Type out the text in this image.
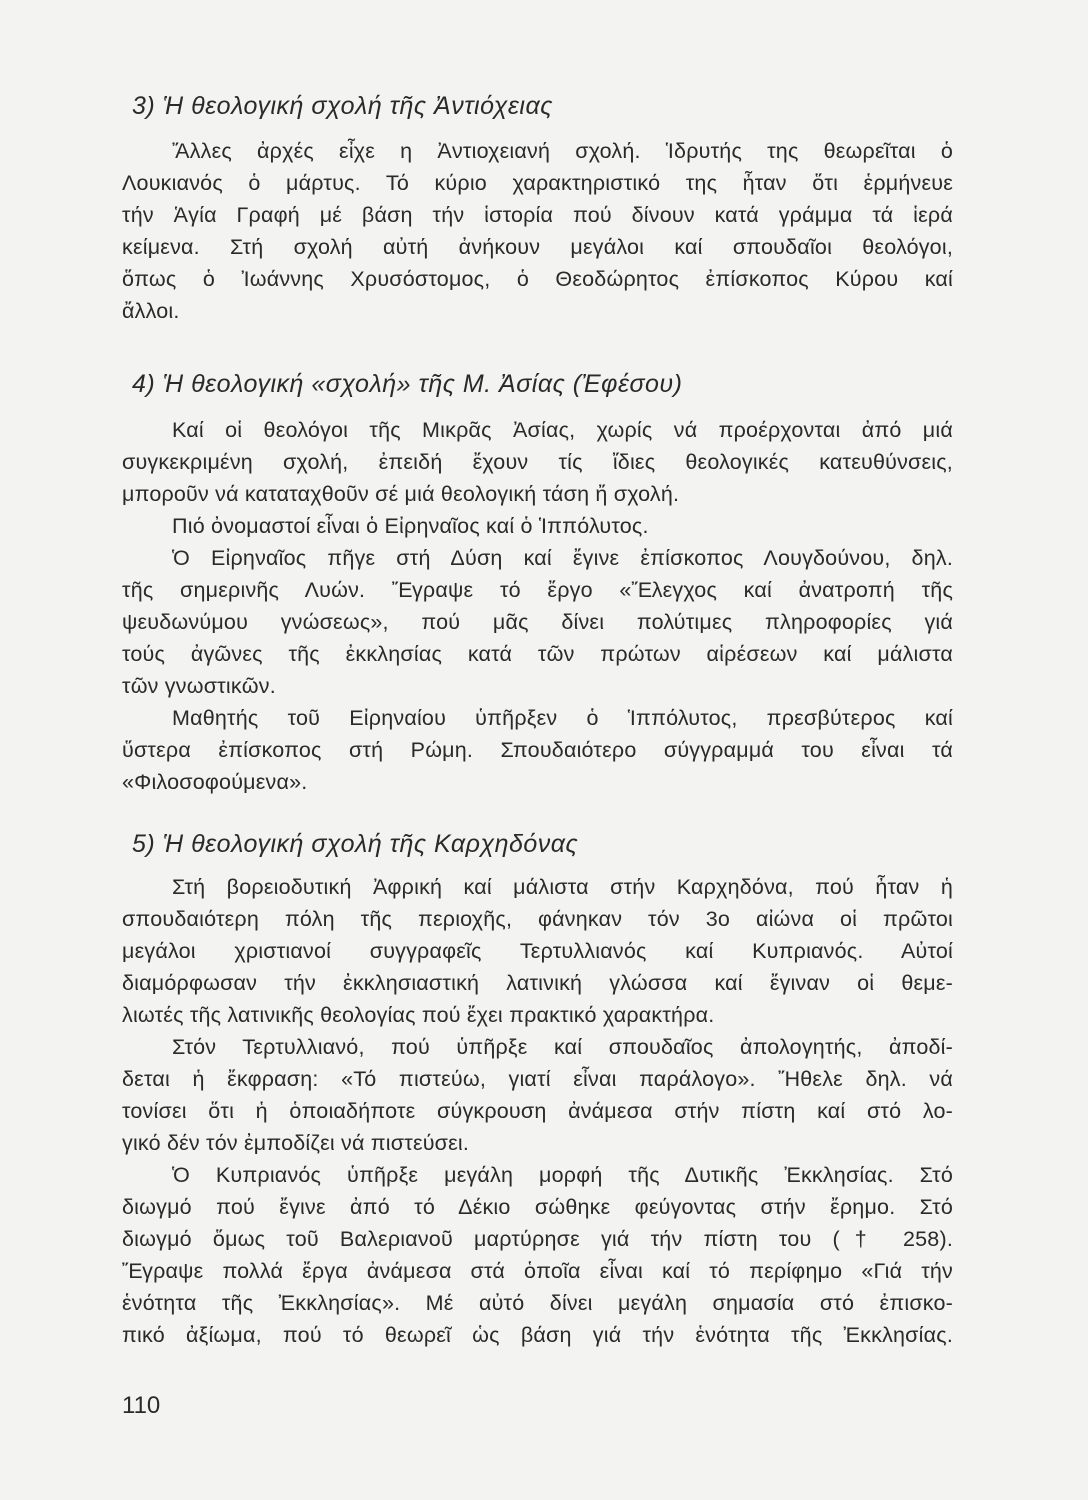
3) Ἡ θεολογική σχολή τῆς Ἀντιόχειας

Ἄλλες ἀρχές εἶχε η Ἀντιοχειανή σχολή. Ἱδρυτής της θεωρεῖται ὁ

Λουκιανός ὁ μάρτυς. Τό κύριο χαρακτηριστικό της ἦταν ὅτι ἑρμήνευε

τήν Ἁγία Γραφή μέ βάση τήν ἱστορία πού δίνουν κατά γράμμα τά ἱερά

κείμενα. Στή σχολή αὐτή ἀνήκουν μεγάλοι καί σπουδαῖοι θεολόγοι,

ὅπως ὁ Ἰωάννης Χρυσόστομος, ὁ Θεοδώρητος ἐπίσκοπος Κύρου καί

ἄλλοι.

4) Ἡ θεολογική «σχολή» τῆς Μ. Ἀσίας (Ἐφέσου)

Καί οἱ θεολόγοι τῆς Μικρᾶς Ἀσίας, χωρίς νά προέρχονται ἀπό μιά

συγκεκριμένη σχολή, ἐπειδή ἔχουν τίς ἴδιες θεολογικές κατευθύνσεις,

μποροῦν νά καταταχθοῦν σέ μιά θεολογική τάση ἤ σχολή.

Πιό ὀνομαστοί εἶναι ὁ Εἰρηναῖος καί ὁ Ἱππόλυτος.

Ὁ Εἰρηναῖος πῆγε στή Δύση καί ἔγινε ἐπίσκοπος Λουγδούνου, δηλ.

τῆς σημερινῆς Λυών. Ἔγραψε τό ἔργο «Ἔλεγχος καί ἀνατροπή τῆς

ψευδωνύμου γνώσεως», πού μᾶς δίνει πολύτιμες πληροφορίες γιά

τούς ἀγῶνες τῆς ἐκκλησίας κατά τῶν πρώτων αἱρέσεων καί μάλιστα

τῶν γνωστικῶν.

Μαθητής τοῦ Εἰρηναίου ὑπῆρξεν ὁ Ἱππόλυτος, πρεσβύτερος καί

ὕστερα ἐπίσκοπος στή Ρώμη. Σπουδαιότερο σύγγραμμά του εἶναι τά

«Φιλοσοφούμενα».

5) Ἡ θεολογική σχολή τῆς Καρχηδόνας

Στή βορειοδυτική Ἀφρική καί μάλιστα στήν Καρχηδόνα, πού ἦταν ἡ

σπουδαιότερη πόλη τῆς περιοχῆς, φάνηκαν τόν 3ο αἰώνα οἱ πρῶτοι

μεγάλοι χριστιανοί συγγραφεῖς Τερτυλλιανός καί Κυπριανός. Αὐτοί

διαμόρφωσαν τήν ἐκκλησιαστική λατινική γλώσσα καί ἔγιναν οἱ θεμε-

λιωτές τῆς λατινικῆς θεολογίας πού ἔχει πρακτικό χαρακτήρα.

Στόν Τερτυλλιανό, πού ὑπῆρξε καί σπουδαῖος ἀπολογητής, ἀποδί-

δεται ἡ ἔκφραση: «Τό πιστεύω, γιατί εἶναι παράλογο». Ἤθελε δηλ. νά

τονίσει ὅτι ἡ ὁποιαδήποτε σύγκρουση ἀνάμεσα στήν πίστη καί στό λο-

γικό δέν τόν ἐμποδίζει νά πιστεύσει.

Ὁ Κυπριανός ὑπῆρξε μεγάλη μορφή τῆς Δυτικῆς Ἐκκλησίας. Στό

διωγμό πού ἔγινε ἀπό τό Δέκιο σώθηκε φεύγοντας στήν ἔρημο. Στό

διωγμό ὅμως τοῦ Βαλεριανοῦ μαρτύρησε γιά τήν πίστη του († 258).

Ἔγραψε πολλά ἔργα ἀνάμεσα στά ὁποῖα εἶναι καί τό περίφημο «Γιά τήν

ἑνότητα τῆς Ἐκκλησίας». Μέ αὐτό δίνει μεγάλη σημασία στό ἐπισκο-

πικό ἀξίωμα, πού τό θεωρεῖ ὡς βάση γιά τήν ἑνότητα τῆς Ἐκκλησίας.

110
